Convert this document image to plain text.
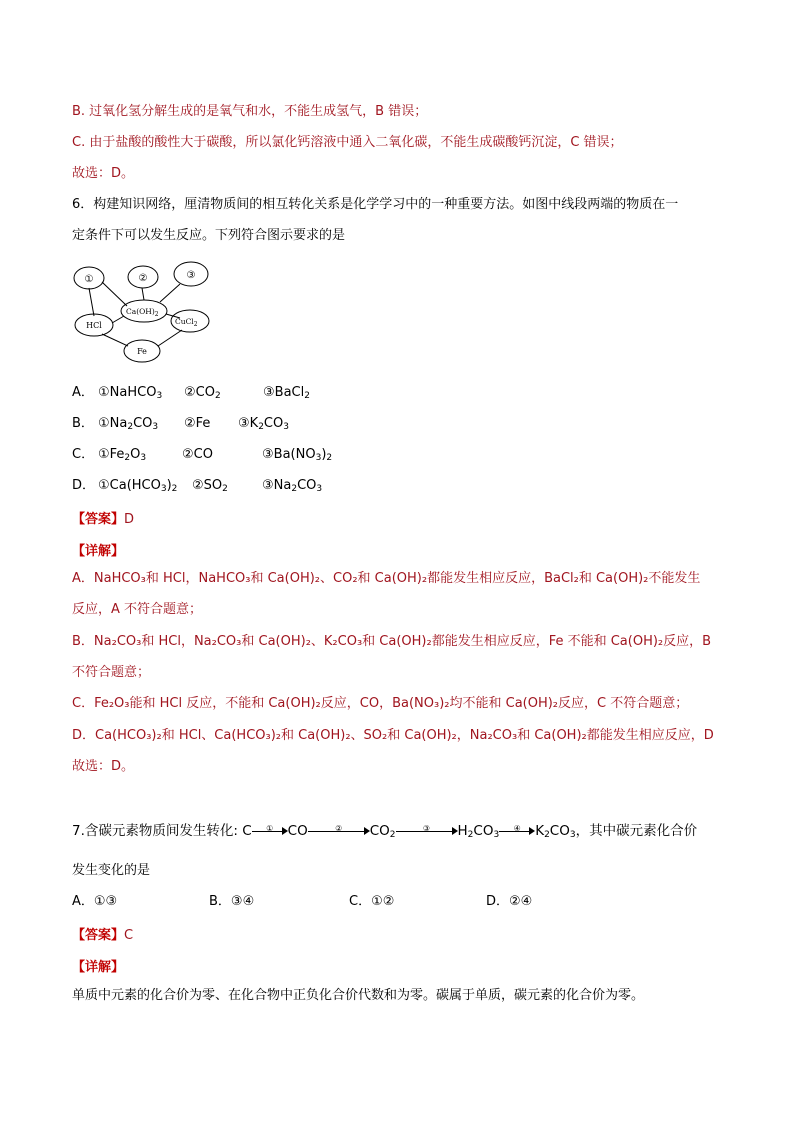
B. 过氧化氢分解生成的是氧气和水，不能生成氢气，B 错误；
C. 由于盐酸的酸性大于碳酸，所以氯化钙溶液中通入二氧化碳，不能生成碳酸钙沉淀，C 错误；
故选：D。
6．构建知识网络，厘清物质间的相互转化关系是化学学习中的一种重要方法。如图中线段两端的物质在一
定条件下可以发生反应。下列符合图示要求的是
①	②	③
HCl
Fe
$Ca(OH)_2$
CuCl$_2$
A． ①NaHCO$_3$ $②CO_2$	③BaCl$_2$
B． $①Na_2CO_3$ ②Fe $③K_2CO_3$
C． $①Fe_2O_3$	②CO	$③Ba(NO_3)_2$
D． $①Ca(HCO_3)_2$ $②SO_2$	$③Na_2CO_3$
【答案】D
【详解】
A．NaHCO₃和 HCl，NaHCO₃和 Ca(OH)₂、CO₂和 Ca(OH)₂都能发生相应反应，BaCl₂和 Ca(OH)₂不能发生
反应，A 不符合题意；
B．Na₂CO₃和 HCl，Na₂CO₃和 Ca(OH)₂、K₂CO₃和 Ca(OH)₂都能发生相应反应，Fe 不能和 Ca(OH)₂反应，B
不符合题意；
C．Fe₂O₃能和 HCl 反应，不能和 Ca(OH)₂反应，CO，Ba(NO₃)₂均不能和 Ca(OH)₂反应，C 不符合题意；
D．Ca(HCO₃)₂和 HCl、Ca(HCO₃)₂和 Ca(OH)₂、SO₂和 Ca(OH)₂，Na₂CO₃和 Ca(OH)₂都能发生相应反应，D
故选：D。
7.含碳元素物质间发生转化: C	①	CO	②	$CO_2$
③	$H_2CO_3$
④	$K_2CO_3$，其中碳元素化合价
发生变化的是
A．①③	B．③④	C．①②	D．②④
【答案】C
【详解】
单质中元素的化合价为零、在化合物中正负化合价代数和为零。碳属于单质，碳元素的化合价为零。
